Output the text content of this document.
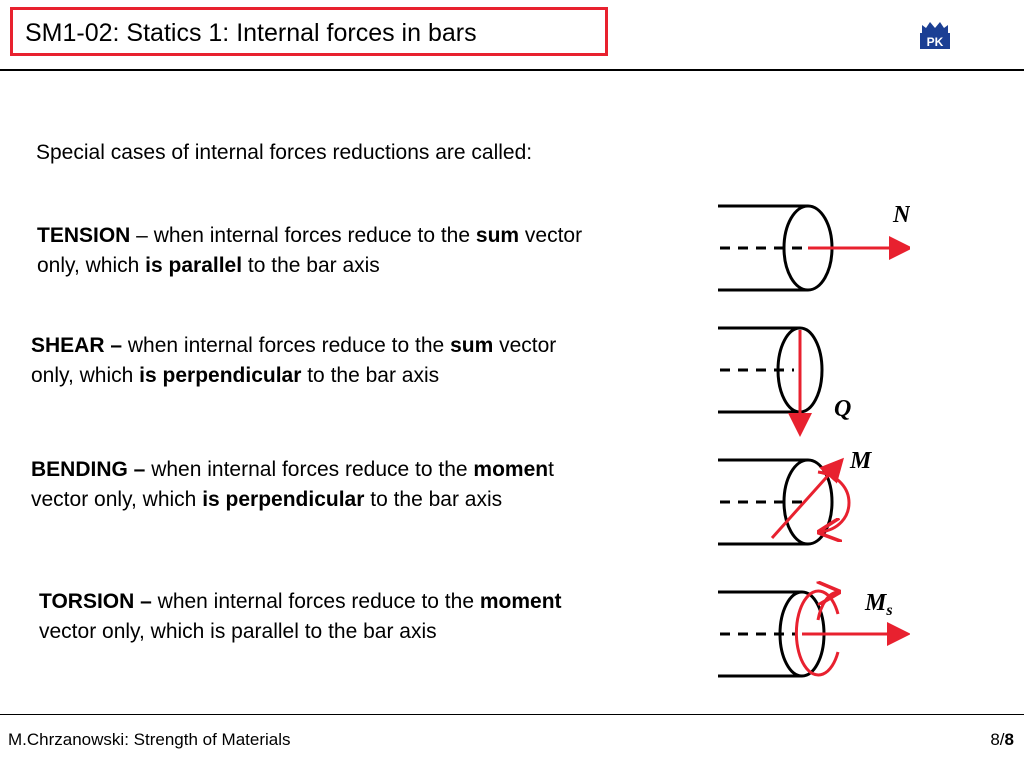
SM1-02: Statics 1: Internal forces in bars	PK
Special cases of internal forces reductions are called:
TENSION – when internal forces reduce to the sum vector only, which is parallel to the bar axis
SHEAR – when internal forces reduce to the sum vector only, which is perpendicular to the bar axis
BENDING – when internal forces reduce to the moment vector only, which is perpendicular to the bar axis
TORSION – when internal forces reduce to the moment vector only, which is parallel to the bar axis
N
Q
M
$M_s$
M.Chrzanowski: Strength of Materials	8/8
